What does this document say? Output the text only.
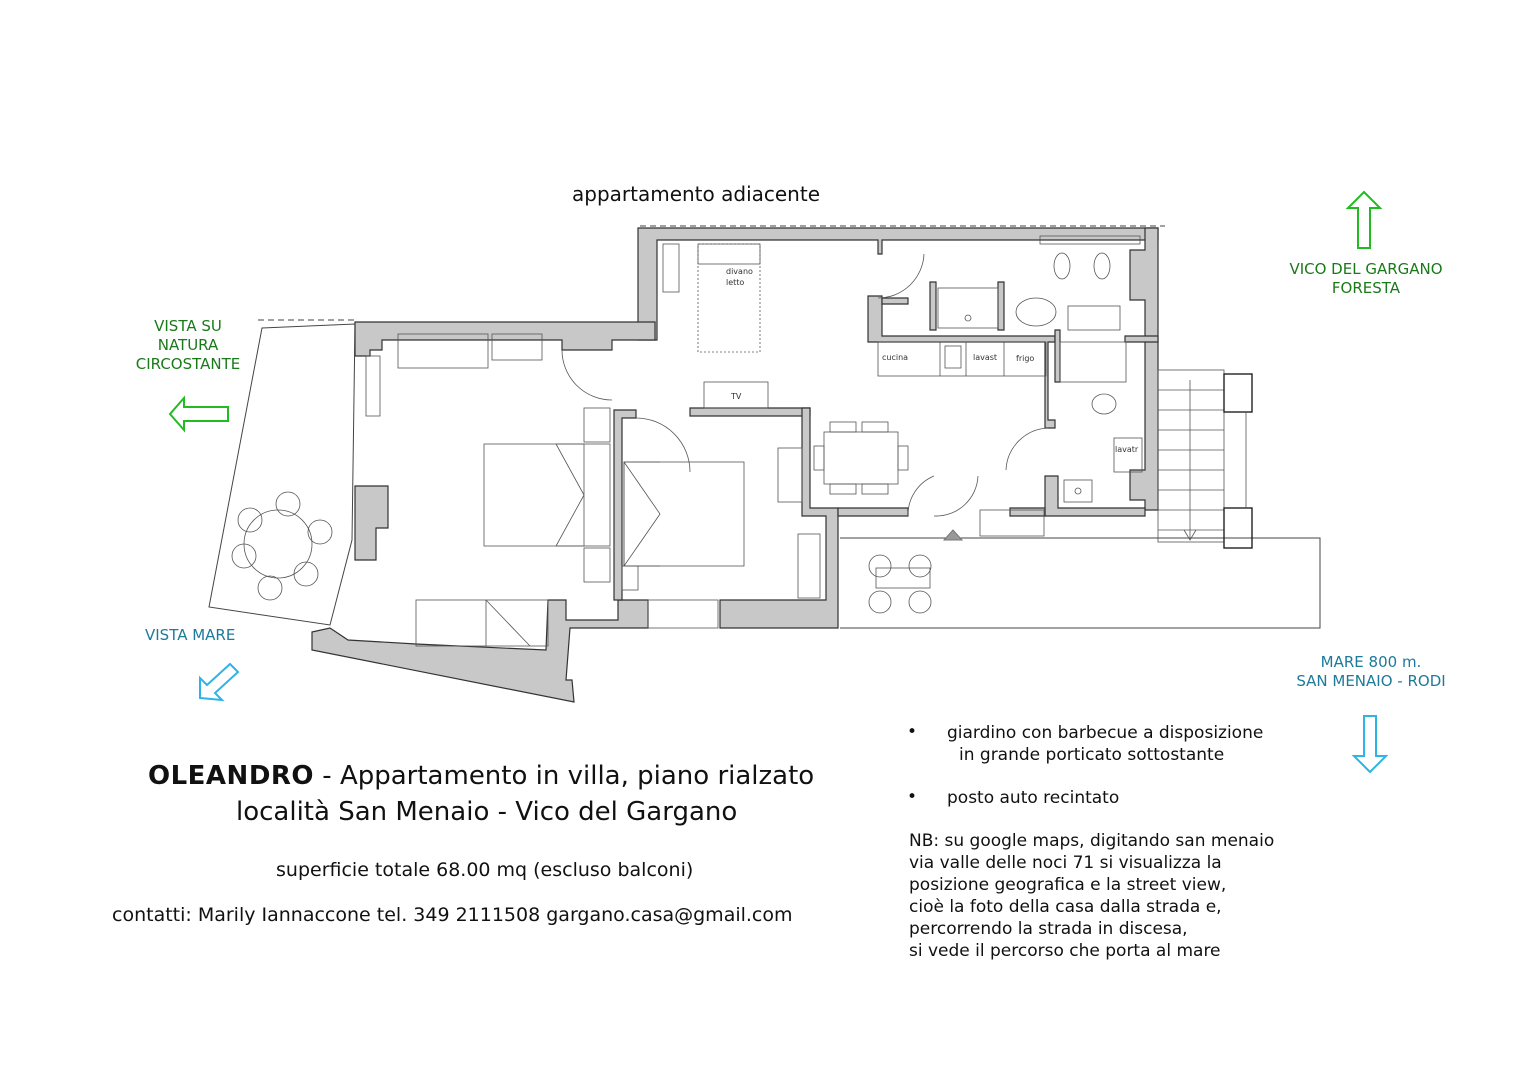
divano
letto
TV
cucina	lavast frigo
lavatr
appartamento adiacente
VICO DEL GARGANO
FORESTA
VISTA SU
NATURA
CIRCOSTANTE
VISTA MARE
MARE 800 m.
SAN MENAIO - RODI
OLEANDRO - Appartamento in villa, piano rialzato
località San Menaio - Vico del Gargano
superficie totale 68.00 mq (escluso balconi)
contatti: Marily Iannaccone tel. 349 2111508 gargano.casa@gmail.com
• giardino con barbecue a disposizione
in grande porticato sottostante
• posto auto recintato
NB: su google maps, digitando san menaio
via valle delle noci 71 si visualizza la
posizione geografica e la street view,
cioè la foto della casa dalla strada e,
percorrendo la strada in discesa,
si vede il percorso che porta al mare
